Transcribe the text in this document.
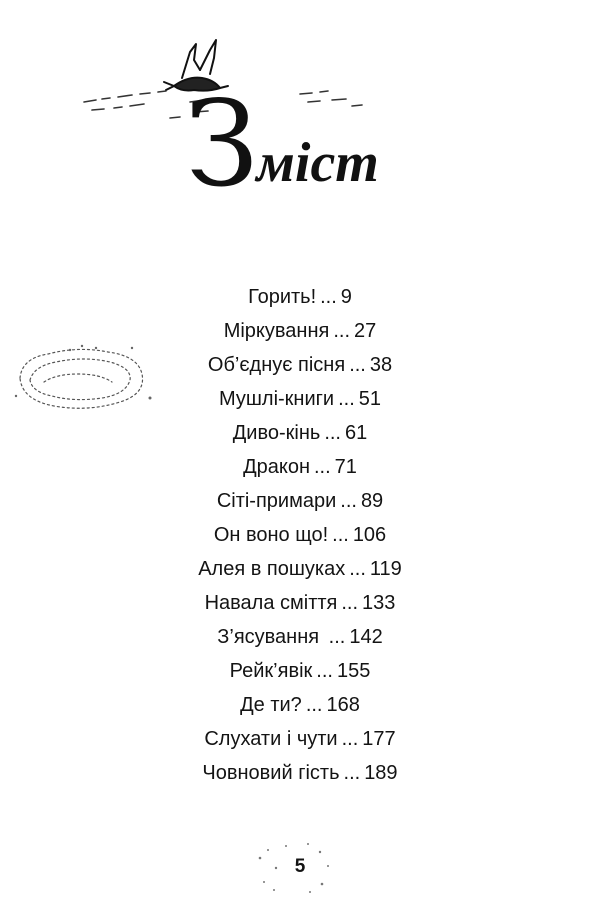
З
міст
Горить! ... 9
Міркування ... 27
Об’єднує пісня ... 38
Мушлі-книги ... 51
Диво-кінь ... 61
Дракон ... 71
Сіті-примари ... 89
Он воно що! ... 106
Алея в пошуках ... 119
Навала сміття ... 133
З’ясування ... 142
Рейк’явік ... 155
Де ти? ... 168
Слухати і чути ... 177
Човновий гість ... 189
5
